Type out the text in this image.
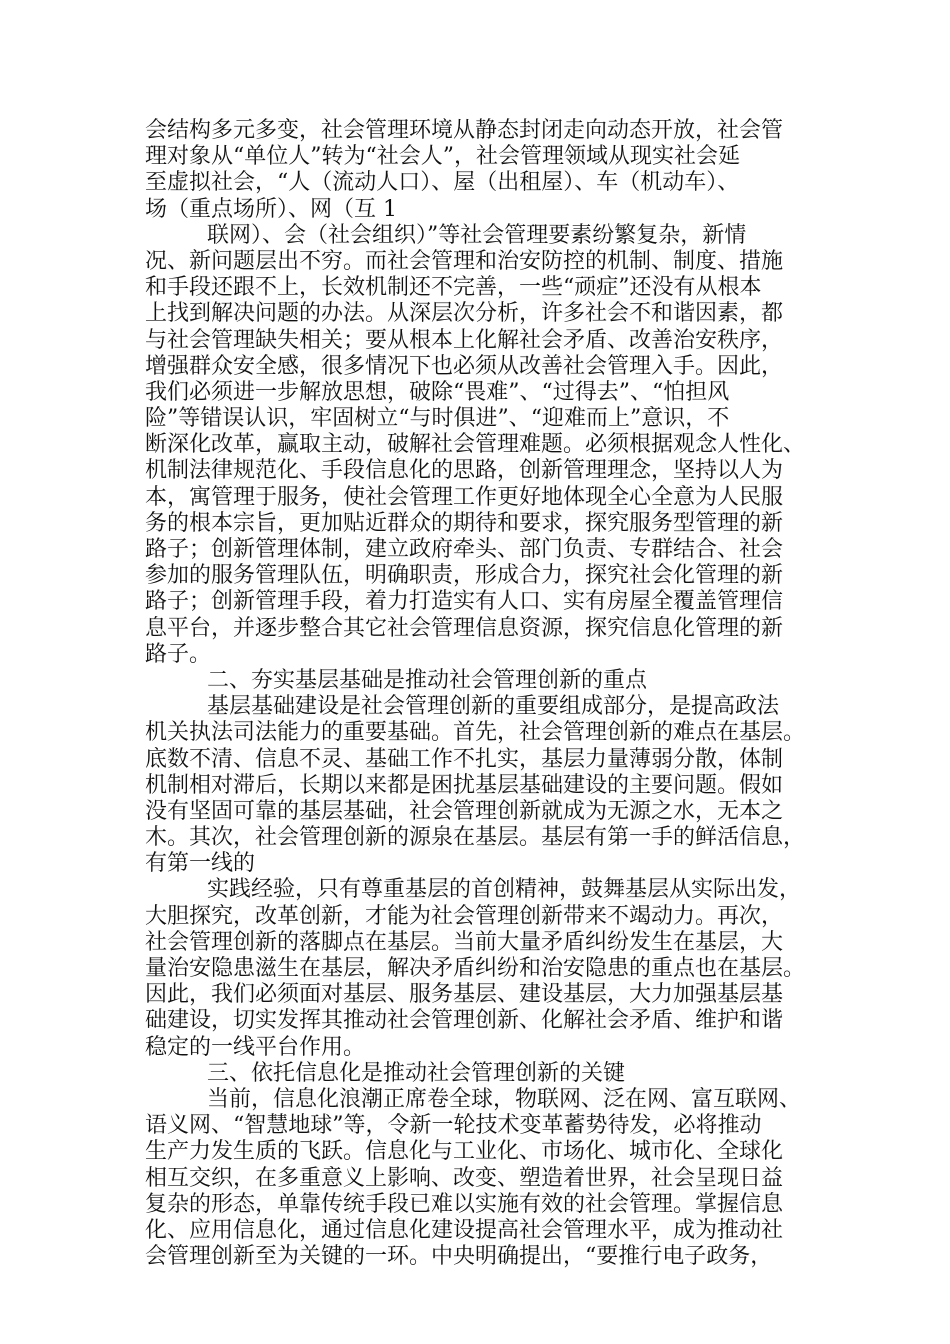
会结构多元多变，社会管理环境从静态封闭走向动态开放，社会管
理对象从“单位人”转为“社会人”，社会管理领域从现实社会延
至虚拟社会，“人（流动人口）、屋（出租屋）、车（机动车）、
场（重点场所）、网（互 1
联网）、会（社会组织）”等社会管理要素纷繁复杂，新情
况、新问题层出不穷。而社会管理和治安防控的机制、制度、措施
和手段还跟不上，长效机制还不完善，一些“顽症”还没有从根本
上找到解决问题的办法。从深层次分析，许多社会不和谐因素，都
与社会管理缺失相关；要从根本上化解社会矛盾、改善治安秩序，
增强群众安全感，很多情况下也必须从改善社会管理入手。因此，
我们必须进一步解放思想，破除“畏难”、“过得去”、“怕担风
险”等错误认识，牢固树立“与时俱进”、“迎难而上”意识，不
断深化改革，赢取主动，破解社会管理难题。必须根据观念人性化、
机制法律规范化、手段信息化的思路，创新管理理念，坚持以人为
本，寓管理于服务，使社会管理工作更好地体现全心全意为人民服
务的根本宗旨，更加贴近群众的期待和要求，探究服务型管理的新
路子；创新管理体制，建立政府牵头、部门负责、专群结合、社会
参加的服务管理队伍，明确职责，形成合力，探究社会化管理的新
路子；创新管理手段，着力打造实有人口、实有房屋全覆盖管理信
息平台，并逐步整合其它社会管理信息资源，探究信息化管理的新
路子。
二、夯实基层基础是推动社会管理创新的重点
基层基础建设是社会管理创新的重要组成部分，是提高政法
机关执法司法能力的重要基础。首先，社会管理创新的难点在基层。
底数不清、信息不灵、基础工作不扎实，基层力量薄弱分散，体制
机制相对滞后，长期以来都是困扰基层基础建设的主要问题。假如
没有坚固可靠的基层基础，社会管理创新就成为无源之水，无本之
木。其次，社会管理创新的源泉在基层。基层有第一手的鲜活信息，
有第一线的
实践经验，只有尊重基层的首创精神，鼓舞基层从实际出发，
大胆探究，改革创新，才能为社会管理创新带来不竭动力。再次，
社会管理创新的落脚点在基层。当前大量矛盾纠纷发生在基层，大
量治安隐患滋生在基层，解决矛盾纠纷和治安隐患的重点也在基层。
因此，我们必须面对基层、服务基层、建设基层，大力加强基层基
础建设，切实发挥其推动社会管理创新、化解社会矛盾、维护和谐
稳定的一线平台作用。
三、依托信息化是推动社会管理创新的关键
当前，信息化浪潮正席卷全球，物联网、泛在网、富互联网、
语义网、“智慧地球”等，令新一轮技术变革蓄势待发，必将推动
生产力发生质的飞跃。信息化与工业化、市场化、城市化、全球化
相互交织，在多重意义上影响、改变、塑造着世界，社会呈现日益
复杂的形态，单靠传统手段已难以实施有效的社会管理。掌握信息
化、应用信息化，通过信息化建设提高社会管理水平，成为推动社
会管理创新至为关键的一环。中央明确提出，“要推行电子政务，
